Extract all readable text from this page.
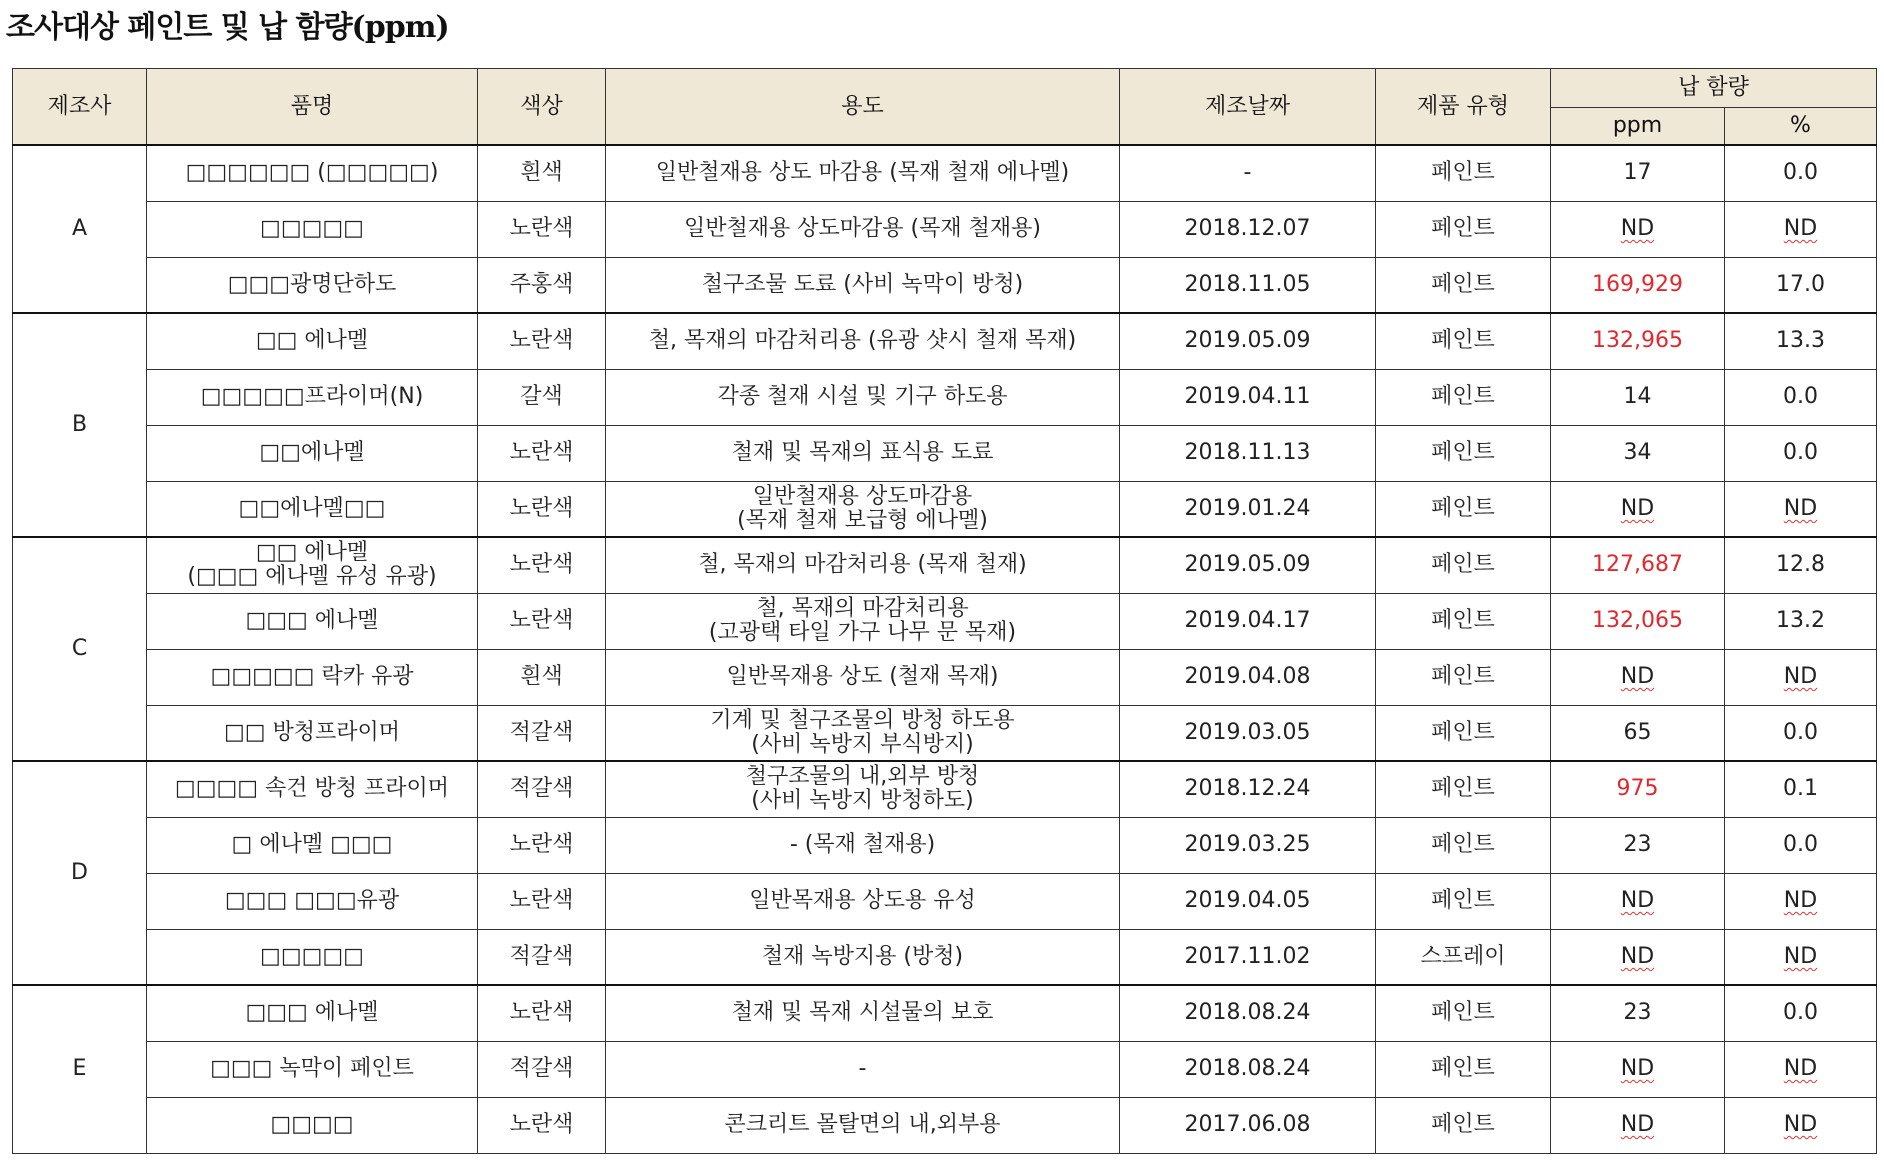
조사대상 페인트 및 납 함량(ppm)
제조사	품명	색상	용도	제조날짜	제품 유형	납 함량	
						ppm	%
A	□□□□□□ (□□□□□)	흰색	일반철재용 상도 마감용 (목재 철재 에나멜)	-	페인트	17	0.0
	□□□□□	노란색	일반철재용 상도마감용 (목재 철재용)	2018.12.07	페인트	ND	ND
	□□□광명단하도	주홍색	철구조물 도료 (사비 녹막이 방청)	2018.11.05	페인트	169,929	17.0
B	□□ 에나멜	노란색	철, 목재의 마감처리용 (유광 샷시 철재 목재)	2019.05.09	페인트	132,965	13.3
	□□□□□프라이머(N)	갈색	각종 철재 시설 및 기구 하도용	2019.04.11	페인트	14	0.0
	□□에나멜	노란색	철재 및 목재의 표식용 도료	2018.11.13	페인트	34	0.0
	□□에나멜□□	노란색	일반철재용 상도마감용
(목재 철재 보급형 에나멜)	2019.01.24	페인트	ND	ND
C	□□ 에나멜
(□□□ 에나멜 유성 유광)	노란색	철, 목재의 마감처리용 (목재 철재)	2019.05.09	페인트	127,687	12.8
	□□□ 에나멜	노란색	철, 목재의 마감처리용
(고광택 타일 가구 나무 문 목재)	2019.04.17	페인트	132,065	13.2
	□□□□□ 락카 유광	흰색	일반목재용 상도 (철재 목재)	2019.04.08	페인트	ND	ND
	□□ 방청프라이머	적갈색	기계 및 철구조물의 방청 하도용
(사비 녹방지 부식방지)	2019.03.05	페인트	65	0.0
D	□□□□ 속건 방청 프라이머	적갈색	철구조물의 내,외부 방청
(사비 녹방지 방청하도)	2018.12.24	페인트	975	0.1
	□ 에나멜 □□□	노란색	- (목재 철재용)	2019.03.25	페인트	23	0.0
	□□□ □□□유광	노란색	일반목재용 상도용 유성	2019.04.05	페인트	ND	ND
	□□□□□	적갈색	철재 녹방지용 (방청)	2017.11.02	스프레이	ND	ND
E	□□□ 에나멜	노란색	철재 및 목재 시설물의 보호	2018.08.24	페인트	23	0.0
	□□□ 녹막이 페인트	적갈색	-	2018.08.24	페인트	ND	ND
	□□□□	노란색	콘크리트 몰탈면의 내,외부용	2017.06.08	페인트	ND	ND
